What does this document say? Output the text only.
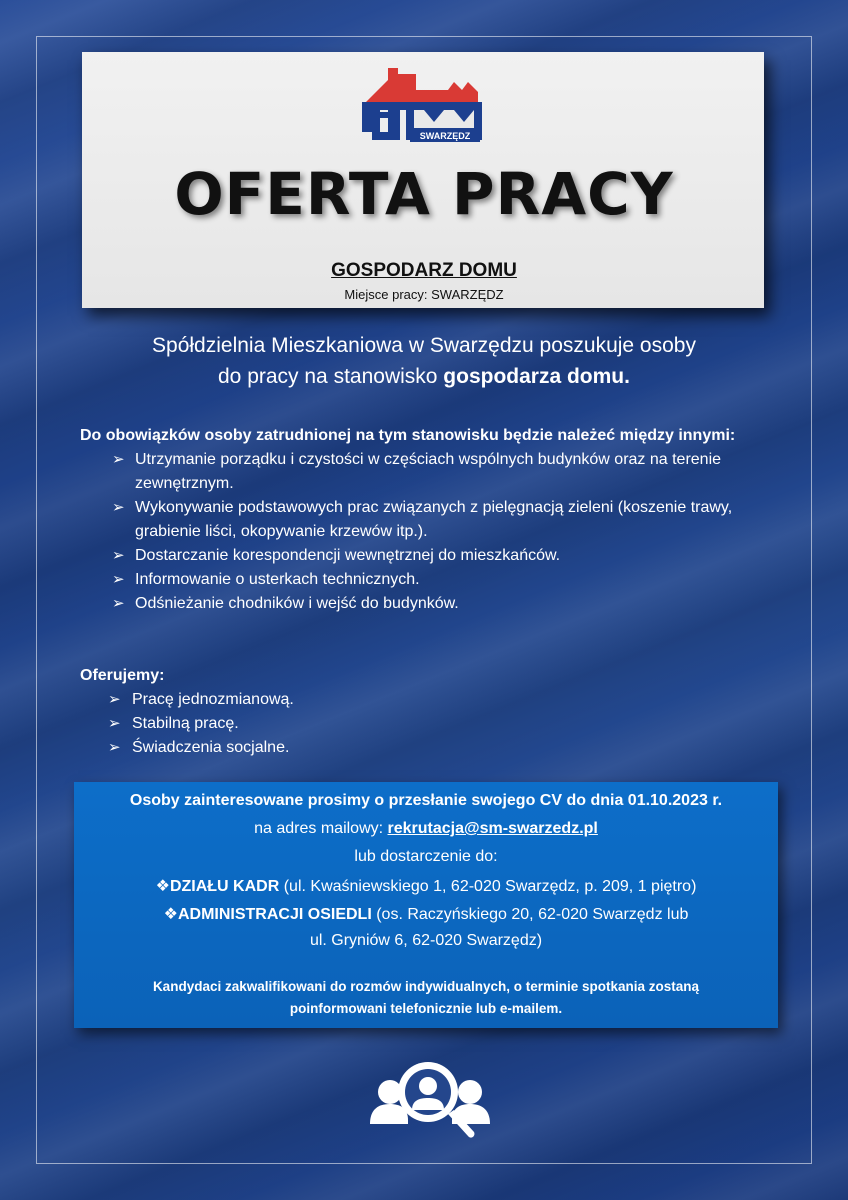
SWARZĘDZ
OFERTA PRACY
GOSPODARZ DOMU
Miejsce pracy: SWARZĘDZ
Spółdzielnia Mieszkaniowa w Swarzędzu poszukuje osoby
do pracy na stanowisko gospodarza domu.
Do obowiązków osoby zatrudnionej na tym stanowisku będzie należeć między innymi:
➢ Utrzymanie porządku i czystości w częściach wspólnych budynków oraz na terenie zewnętrznym.
➢ Wykonywanie podstawowych prac związanych z pielęgnacją zieleni (koszenie trawy, grabienie liści, okopywanie krzewów itp.).
➢ Dostarczanie korespondencji wewnętrznej do mieszkańców.
➢ Informowanie o usterkach technicznych.
➢ Odśnieżanie chodników i wejść do budynków.
Oferujemy:
➢ Pracę jednozmianową.
➢ Stabilną pracę.
➢ Świadczenia socjalne.
Osoby zainteresowane prosimy o przesłanie swojego CV do dnia 01.10.2023 r.
na adres mailowy: rekrutacja@sm-swarzedz.pl
lub dostarczenie do:
❖DZIAŁU KADR (ul. Kwaśniewskiego 1, 62-020 Swarzędz, p. 209, 1 piętro)
❖ADMINISTRACJI OSIEDLI (os. Raczyńskiego 20, 62-020 Swarzędz lub
ul. Gryniów 6, 62-020 Swarzędz)
Kandydaci zakwalifikowani do rozmów indywidualnych, o terminie spotkania zostaną
poinformowani telefonicznie lub e-mailem.
